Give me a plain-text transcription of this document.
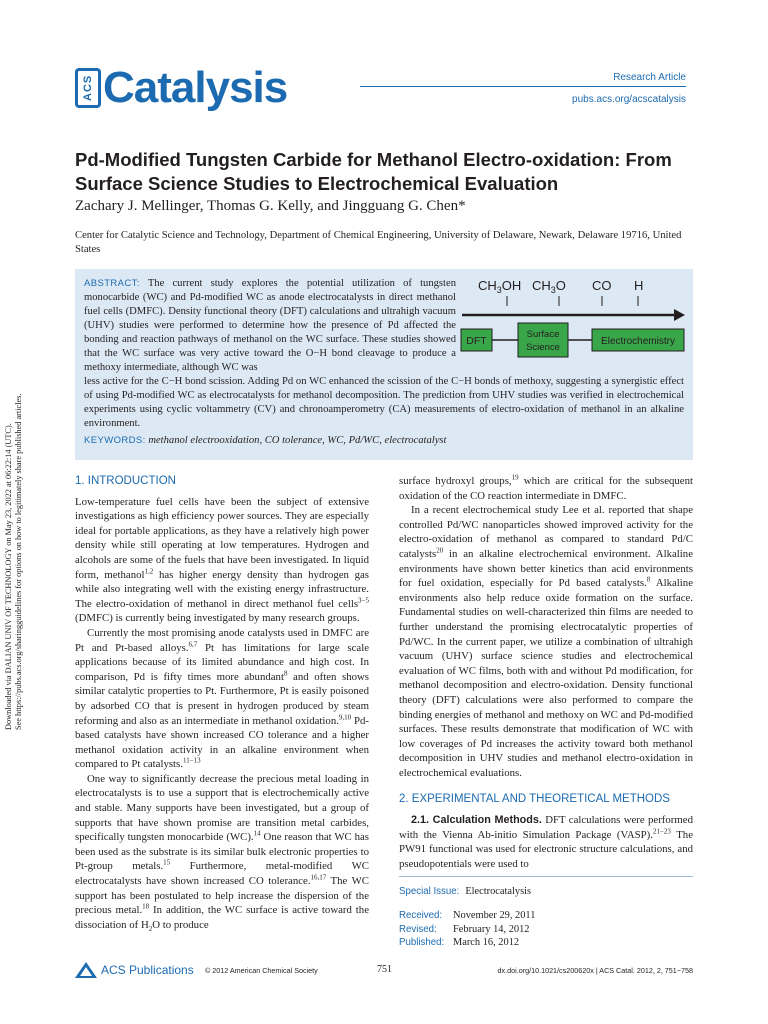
Downloaded via DALIAN UNIV OF TECHNOLOGY on May 23, 2022 at 06:22:14 (UTC). See https://pubs.acs.org/sharingguidelines for options on how to legitimately share published articles.
ACS Catalysis	Research Article
pubs.acs.org/acscatalysis
Pd-Modified Tungsten Carbide for Methanol Electro-oxidation: From Surface Science Studies to Electrochemical Evaluation
Zachary J. Mellinger, Thomas G. Kelly, and Jingguang G. Chen*
Center for Catalytic Science and Technology, Department of Chemical Engineering, University of Delaware, Newark, Delaware 19716, United States
ABSTRACT: The current study explores the potential utilization of tungsten monocarbide (WC) and Pd-modified WC as anode electrocatalysts in direct methanol fuel cells (DMFC). Density functional theory (DFT) calculations and ultrahigh vacuum (UHV) studies were performed to determine how the presence of Pd affected the bonding and reaction pathways of methanol on the WC surface. These studies showed that the WC surface was very active toward the O−H bond cleavage to produce a methoxy intermediate, although WC was
less active for the C−H bond scission. Adding Pd on WC enhanced the scission of the C−H bonds of methoxy, suggesting a synergistic effect of using Pd-modified WC as electrocatalysts for methanol decomposition. The prediction from UHV studies was verified in electrochemical experiments using cyclic voltammetry (CV) and chronoamperometry (CA) measurements of electro-oxidation of methanol in an alkaline environment.
KEYWORDS: methanol electrooxidation, CO tolerance, WC, Pd/WC, electrocatalyst
$CH_3OH$ $CH_3O$ CO H
DFT
Surface
Science
Electrochemistry
1. INTRODUCTION

Low-temperature fuel cells have been the subject of extensive investigations as high efficiency power sources. They are especially ideal for portable applications, as they have a relatively high power density while still operating at low temperatures. Hydrogen and alcohols are some of the fuels that have been investigated. In liquid form, methanol$^{1,2}$ has higher energy density than hydrogen gas while also integrating well with the existing energy infrastructure. The electro-oxidation of methanol in direct methanol fuel cells$^{3-5}$ (DMFC) is currently being investigated by many research groups.

Currently the most promising anode catalysts used in DMFC are Pt and Pt-based alloys.$^{6,7}$ Pt has limitations for large scale applications because of its limited abundance and high cost. In comparison, Pd is fifty times more abundant$^8$ and often shows similar catalytic properties to Pt. Furthermore, Pt is easily poisoned by adsorbed CO that is present in hydrogen produced by steam reforming and also as an intermediate in methanol oxidation.$^{9,10}$ Pd-based catalysts have shown increased CO tolerance and a higher methanol oxidation activity in an alkaline environment when compared to Pt catalysts.$^{11-13}$

One way to significantly decrease the precious metal loading in electrocatalysts is to use a support that is electrochemically active and stable. Many supports have been investigated, but a group of supports that have shown promise are transition metal carbides, specifically tungsten monocarbide (WC).$^{14}$ One reason that WC has been used as the substrate is its similar bulk electronic properties to Pt-group metals.$^{15}$ Furthermore, metal-modified WC electrocatalysts have shown increased CO tolerance.$^{16,17}$ The WC support has been postulated to help increase the dispersion of the precious metal.$^{18}$ In addition, the WC surface is active toward the dissociation of $H_2O$ to produce

surface hydroxyl groups,$^{19}$ which are critical for the subsequent oxidation of the CO reaction intermediate in DMFC.

In a recent electrochemical study Lee et al. reported that shape controlled Pd/WC nanoparticles showed improved activity for the electro-oxidation of methanol as compared to standard Pd/C catalysts$^{20}$ in an alkaline electrochemical environment. Alkaline environments have shown better kinetics than acid environments for fuel oxidation, especially for Pd based catalysts.$^8$ Alkaline environments also help reduce oxide formation on the surface. Fundamental studies on well-characterized thin films are needed to further understand the promising electrocatalytic properties of Pd/WC. In the current paper, we utilize a combination of ultrahigh vacuum (UHV) surface science studies and electrochemical evaluation of WC films, both with and without Pd modification, for methanol decomposition and electro-oxidation. Density functional theory (DFT) calculations were also performed to compare the binding energies of methanol and methoxy on WC and Pd-modified surfaces. These results demonstrate that modification of WC with low coverages of Pd increases the activity toward both methanol decomposition in UHV studies and methanol electro-oxidation in electrochemical evaluations.

2. EXPERIMENTAL AND THEORETICAL METHODS

2.1. Calculation Methods. DFT calculations were performed with the Vienna Ab-initio Simulation Package (VASP).$^{21-23}$ The PW91 functional was used for electronic structure calculations, and pseudopotentials were used to

Special Issue: Electrocatalysis
Received:	November 29, 2011
Revised:	February 14, 2012
Published: March 16, 2012
ACS Publications © 2012 American Chemical Society	751	dx.doi.org/10.1021/cs200620x | ACS Catal. 2012, 2, 751−758
